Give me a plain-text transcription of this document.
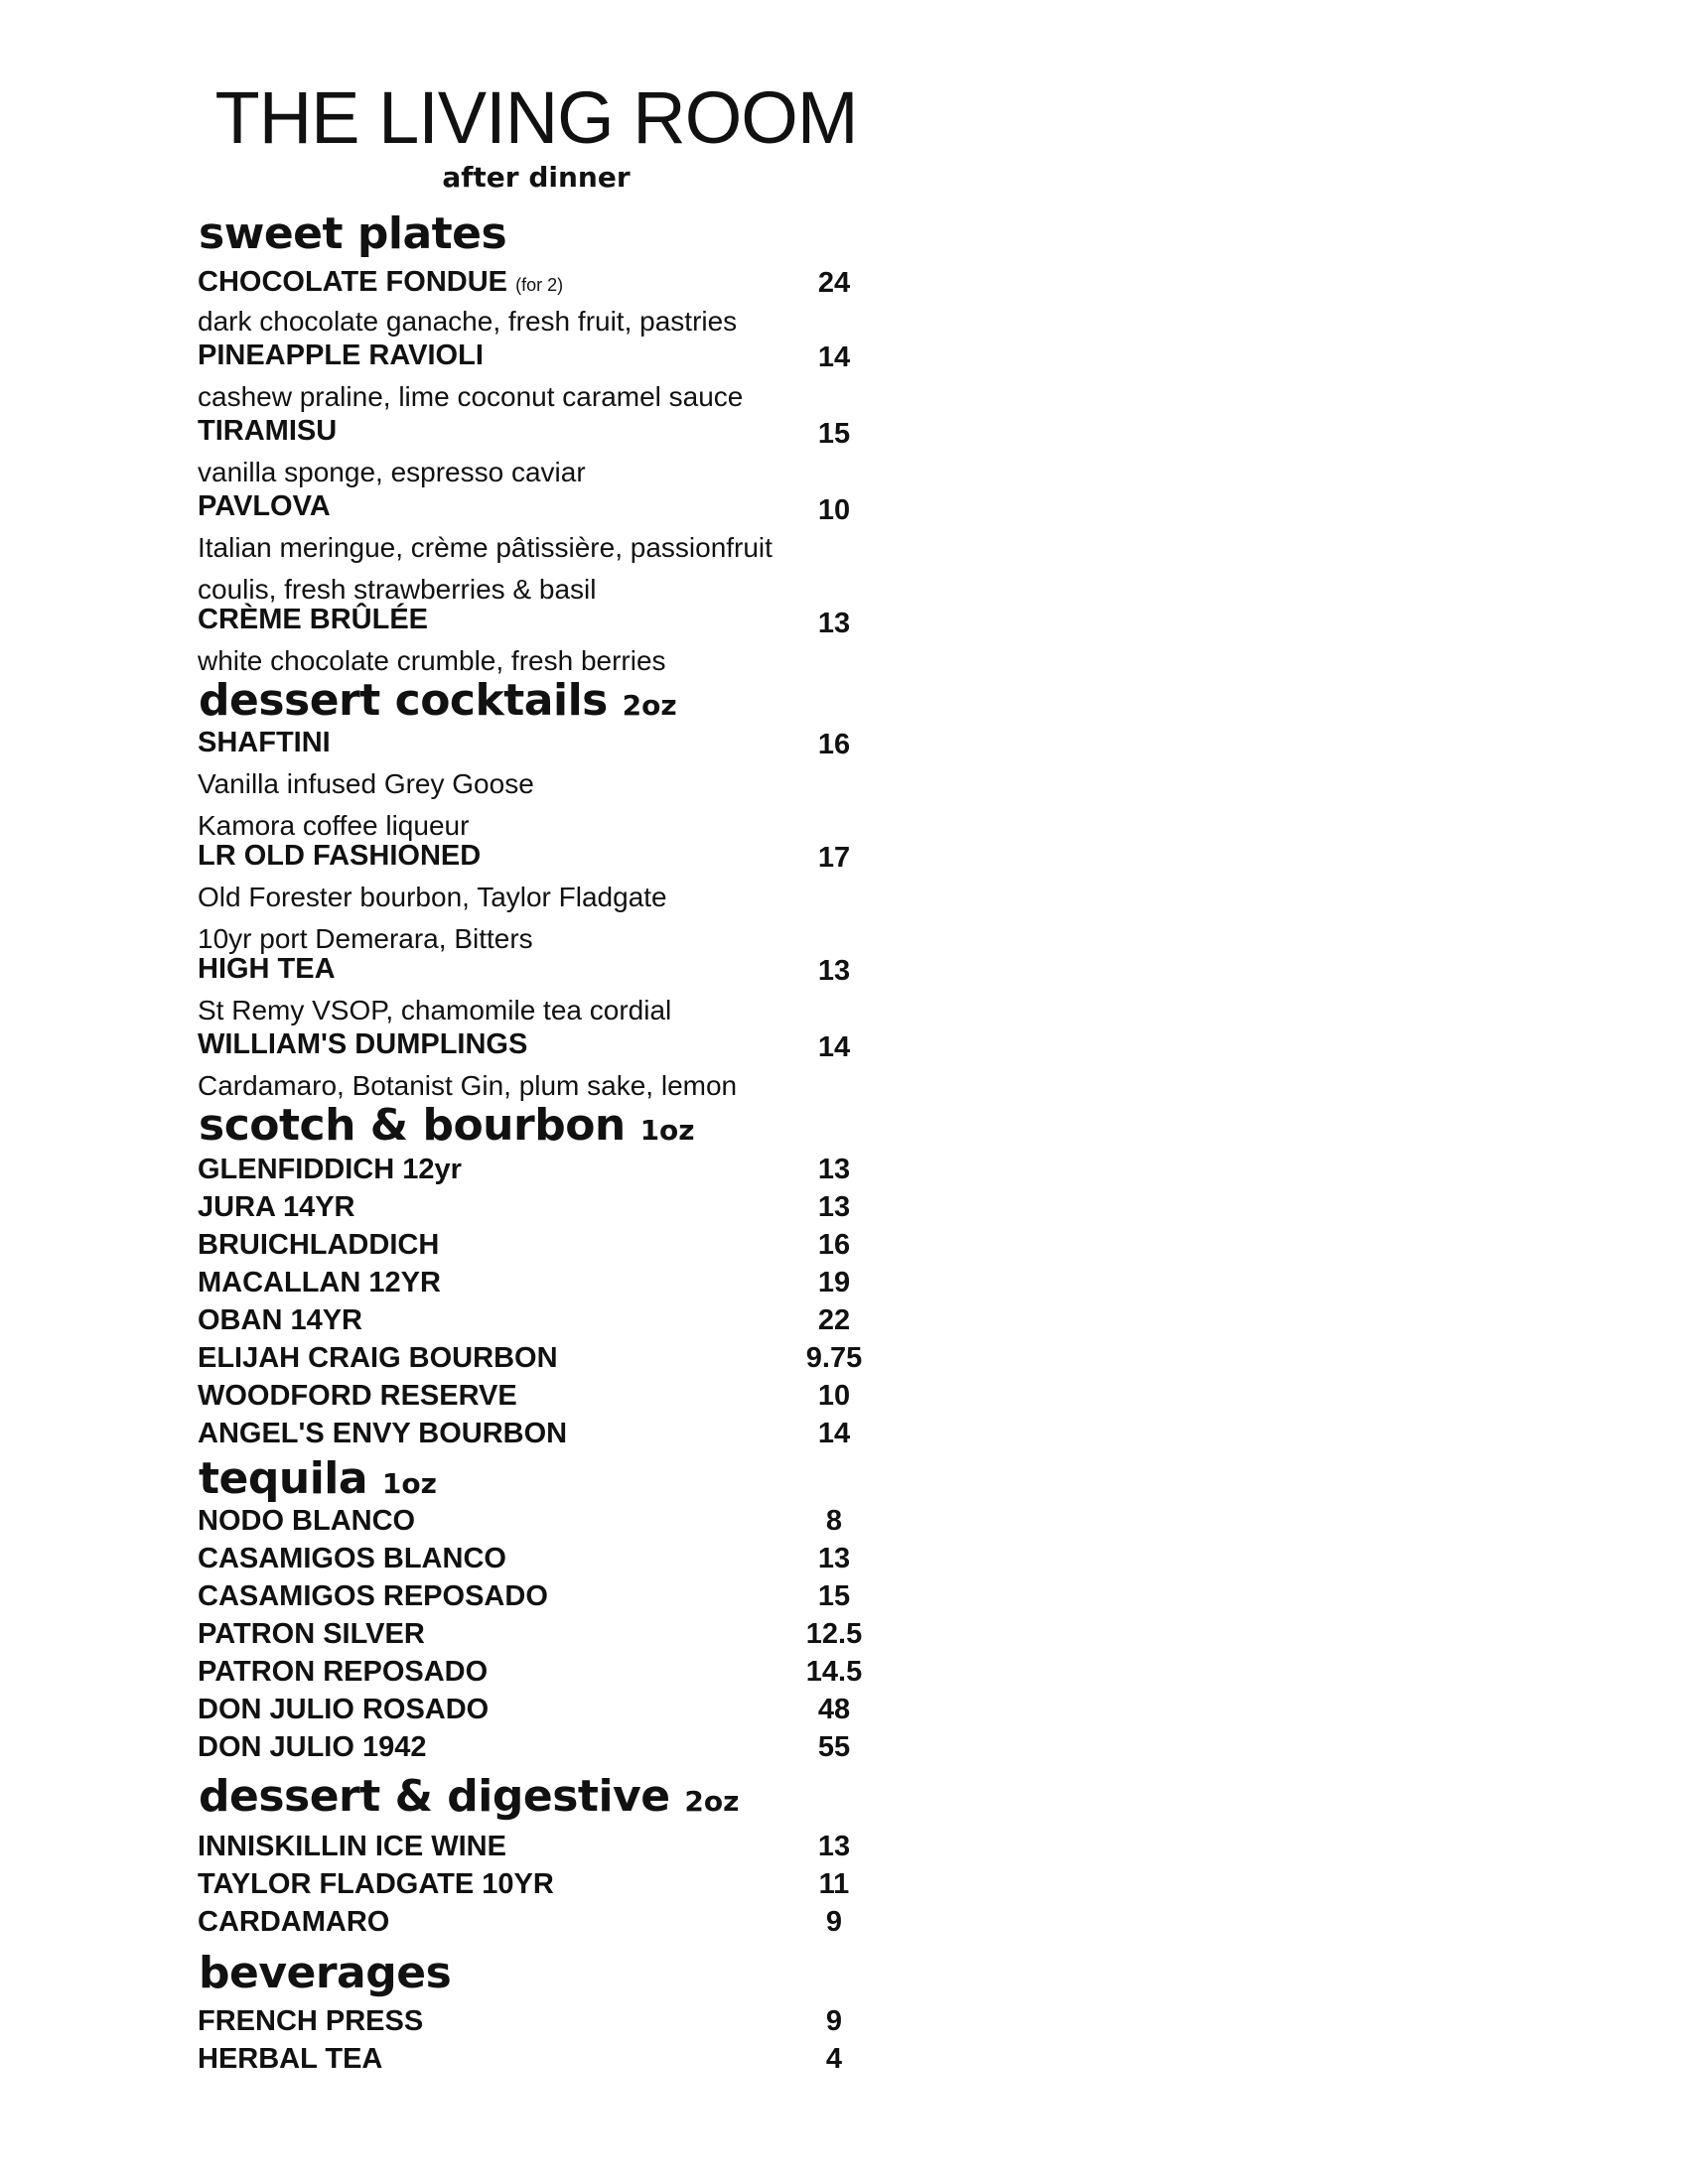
THE LIVING ROOM
after dinner
sweet plates
CHOCOLATE FONDUE (for 2)	24
dark chocolate ganache, fresh fruit, pastries
PINEAPPLE RAVIOLI	14
cashew praline, lime coconut caramel sauce
TIRAMISU	15
vanilla sponge, espresso caviar
PAVLOVA	10
Italian meringue, crème pâtissière, passionfruit
coulis, fresh strawberries & basil
CRÈME BRÛLÉE	13
white chocolate crumble, fresh berries
dessert cocktails 2oz
SHAFTINI	16
Vanilla infused Grey Goose
Kamora coffee liqueur
LR OLD FASHIONED	17
Old Forester bourbon, Taylor Fladgate
10yr port Demerara, Bitters
HIGH TEA	13
St Remy VSOP, chamomile tea cordial
WILLIAM'S DUMPLINGS	14
Cardamaro, Botanist Gin, plum sake, lemon
scotch & bourbon 1oz
GLENFIDDICH 12yr	13
JURA 14YR	13
BRUICHLADDICH	16
MACALLAN 12YR	19
OBAN 14YR	22
ELIJAH CRAIG BOURBON	9.75
WOODFORD RESERVE	10
ANGEL'S ENVY BOURBON	14
tequila 1oz
NODO BLANCO	8
CASAMIGOS BLANCO	13
CASAMIGOS REPOSADO	15
PATRON SILVER	12.5
PATRON REPOSADO	14.5
DON JULIO ROSADO	48
DON JULIO 1942	55
dessert & digestive 2oz
INNISKILLIN ICE WINE	13
TAYLOR FLADGATE 10YR	11
CARDAMARO	9
beverages
FRENCH PRESS	9
HERBAL TEA	4
